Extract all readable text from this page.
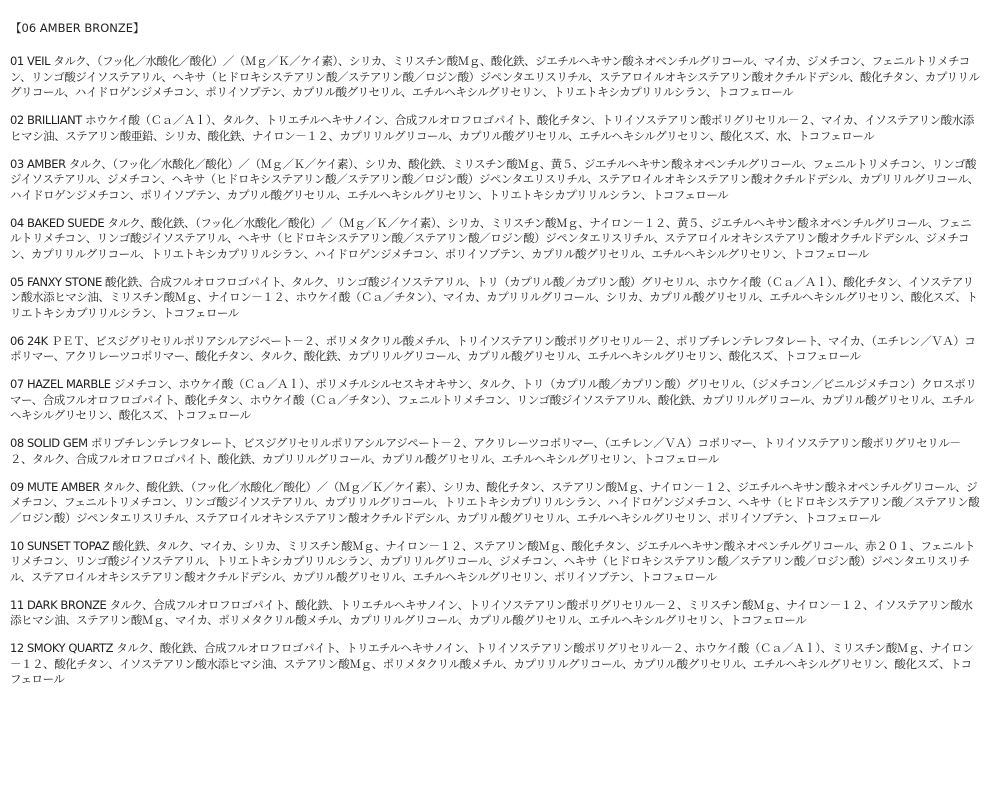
【06 AMBER BRONZE】

01 VEIL タルク、（フッ化／水酸化／酸化）／（Ｍｇ／Ｋ／ケイ素）、シリカ、ミリスチン酸Ｍｇ、酸化鉄、ジエチルヘキサン酸ネオペンチルグリコール、マイカ、ジメチコン、フェニルトリメチコン、リンゴ酸ジイソステアリル、ヘキサ（ヒドロキシステアリン酸／ステアリン酸／ロジン酸）ジペンタエリスリチル、ステアロイルオキシステアリン酸オクチルドデシル、酸化チタン、カプリリルグリコール、ハイドロゲンジメチコン、ポリイソブテン、カプリル酸グリセリル、エチルヘキシルグリセリン、トリエトキシカプリリルシラン、トコフェロール

02 BRILLIANT ホウケイ酸（Ｃａ／Ａｌ）、タルク、トリエチルヘキサノイン、合成フルオロフロゴパイト、酸化チタン、トリイソステアリン酸ポリグリセリル－２、マイカ、イソステアリン酸水添ヒマシ油、ステアリン酸亜鉛、シリカ、酸化鉄、ナイロン－１２、カプリリルグリコール、カプリル酸グリセリル、エチルヘキシルグリセリン、酸化スズ、水、トコフェロール

03 AMBER タルク、（フッ化／水酸化／酸化）／（Ｍｇ／Ｋ／ケイ素）、シリカ、酸化鉄、ミリスチン酸Ｍｇ、黄５、ジエチルヘキサン酸ネオペンチルグリコール、フェニルトリメチコン、リンゴ酸ジイソステアリル、ジメチコン、ヘキサ（ヒドロキシステアリン酸／ステアリン酸／ロジン酸）ジペンタエリスリチル、ステアロイルオキシステアリン酸オクチルドデシル、カプリリルグリコール、ハイドロゲンジメチコン、ポリイソブテン、カプリル酸グリセリル、エチルヘキシルグリセリン、トリエトキシカプリリルシラン、トコフェロール

04 BAKED SUEDE タルク、酸化鉄、（フッ化／水酸化／酸化）／（Ｍｇ／Ｋ／ケイ素）、シリカ、ミリスチン酸Ｍｇ、ナイロン－１２、黄５、ジエチルヘキサン酸ネオペンチルグリコール、フェニルトリメチコン、リンゴ酸ジイソステアリル、ヘキサ（ヒドロキシステアリン酸／ステアリン酸／ロジン酸）ジペンタエリスリチル、ステアロイルオキシステアリン酸オクチルドデシル、ジメチコン、カプリリルグリコール、トリエトキシカプリリルシラン、ハイドロゲンジメチコン、ポリイソブテン、カプリル酸グリセリル、エチルヘキシルグリセリン、トコフェロール

05 FANXY STONE 酸化鉄、合成フルオロフロゴパイト、タルク、リンゴ酸ジイソステアリル、トリ（カプリル酸／カプリン酸）グリセリル、ホウケイ酸（Ｃａ／Ａｌ）、酸化チタン、イソステアリン酸水添ヒマシ油、ミリスチン酸Ｍｇ、ナイロン－１２、ホウケイ酸（Ｃａ／チタン）、マイカ、カプリリルグリコール、シリカ、カプリル酸グリセリル、エチルヘキシルグリセリン、酸化スズ、トリエトキシカプリリルシラン、トコフェロール

06 24K ＰＥＴ、ビスジグリセリルポリアシルアジペート－２、ポリメタクリル酸メチル、トリイソステアリン酸ポリグリセリル－２、ポリブチレンテレフタレート、マイカ、（エチレン／ＶＡ）コポリマー、アクリレーツコポリマー、酸化チタン、タルク、酸化鉄、カプリリルグリコール、カプリル酸グリセリル、エチルヘキシルグリセリン、酸化スズ、トコフェロール

07 HAZEL MARBLE ジメチコン、ホウケイ酸（Ｃａ／Ａｌ）、ポリメチルシルセスキオキサン、タルク、トリ（カプリル酸／カプリン酸）グリセリル、（ジメチコン／ビニルジメチコン）クロスポリマー、合成フルオロフロゴパイト、酸化チタン、ホウケイ酸（Ｃａ／チタン）、フェニルトリメチコン、リンゴ酸ジイソステアリル、酸化鉄、カプリリルグリコール、カプリル酸グリセリル、エチルヘキシルグリセリン、酸化スズ、トコフェロール

08 SOLID GEM ポリブチレンテレフタレート、ビスジグリセリルポリアシルアジペート－２、アクリレーツコポリマー、（エチレン／ＶＡ）コポリマー、トリイソステアリン酸ポリグリセリル－２、タルク、合成フルオロフロゴパイト、酸化鉄、カプリリルグリコール、カプリル酸グリセリル、エチルヘキシルグリセリン、トコフェロール

09 MUTE AMBER タルク、酸化鉄、（フッ化／水酸化／酸化）／（Ｍｇ／Ｋ／ケイ素）、シリカ、酸化チタン、ステアリン酸Ｍｇ、ナイロン－１２、ジエチルヘキサン酸ネオペンチルグリコール、ジメチコン、フェニルトリメチコン、リンゴ酸ジイソステアリル、カプリリルグリコール、トリエトキシカプリリルシラン、ハイドロゲンジメチコン、ヘキサ（ヒドロキシステアリン酸／ステアリン酸／ロジン酸）ジペンタエリスリチル、ステアロイルオキシステアリン酸オクチルドデシル、カプリル酸グリセリル、エチルヘキシルグリセリン、ポリイソブテン、トコフェロール

10 SUNSET TOPAZ 酸化鉄、タルク、マイカ、シリカ、ミリスチン酸Ｍｇ、ナイロン－１２、ステアリン酸Ｍｇ、酸化チタン、ジエチルヘキサン酸ネオペンチルグリコール、赤２０１、フェニルトリメチコン、リンゴ酸ジイソステアリル、トリエトキシカプリリルシラン、カプリリルグリコール、ジメチコン、ヘキサ（ヒドロキシステアリン酸／ステアリン酸／ロジン酸）ジペンタエリスリチル、ステアロイルオキシステアリン酸オクチルドデシル、カプリル酸グリセリル、エチルヘキシルグリセリン、ポリイソブテン、トコフェロール

11 DARK BRONZE タルク、合成フルオロフロゴパイト、酸化鉄、トリエチルヘキサノイン、トリイソステアリン酸ポリグリセリル－２、ミリスチン酸Ｍｇ、ナイロン－１２、イソステアリン酸水添ヒマシ油、ステアリン酸Ｍｇ、マイカ、ポリメタクリル酸メチル、カプリリルグリコール、カプリル酸グリセリル、エチルヘキシルグリセリン、トコフェロール

12 SMOKY QUARTZ タルク、酸化鉄、合成フルオロフロゴパイト、トリエチルヘキサノイン、トリイソステアリン酸ポリグリセリル－２、ホウケイ酸（Ｃａ／Ａｌ）、ミリスチン酸Ｍｇ、ナイロン－１２、酸化チタン、イソステアリン酸水添ヒマシ油、ステアリン酸Ｍｇ、ポリメタクリル酸メチル、カプリリルグリコール、カプリル酸グリセリル、エチルヘキシルグリセリン、酸化スズ、トコフェロール
